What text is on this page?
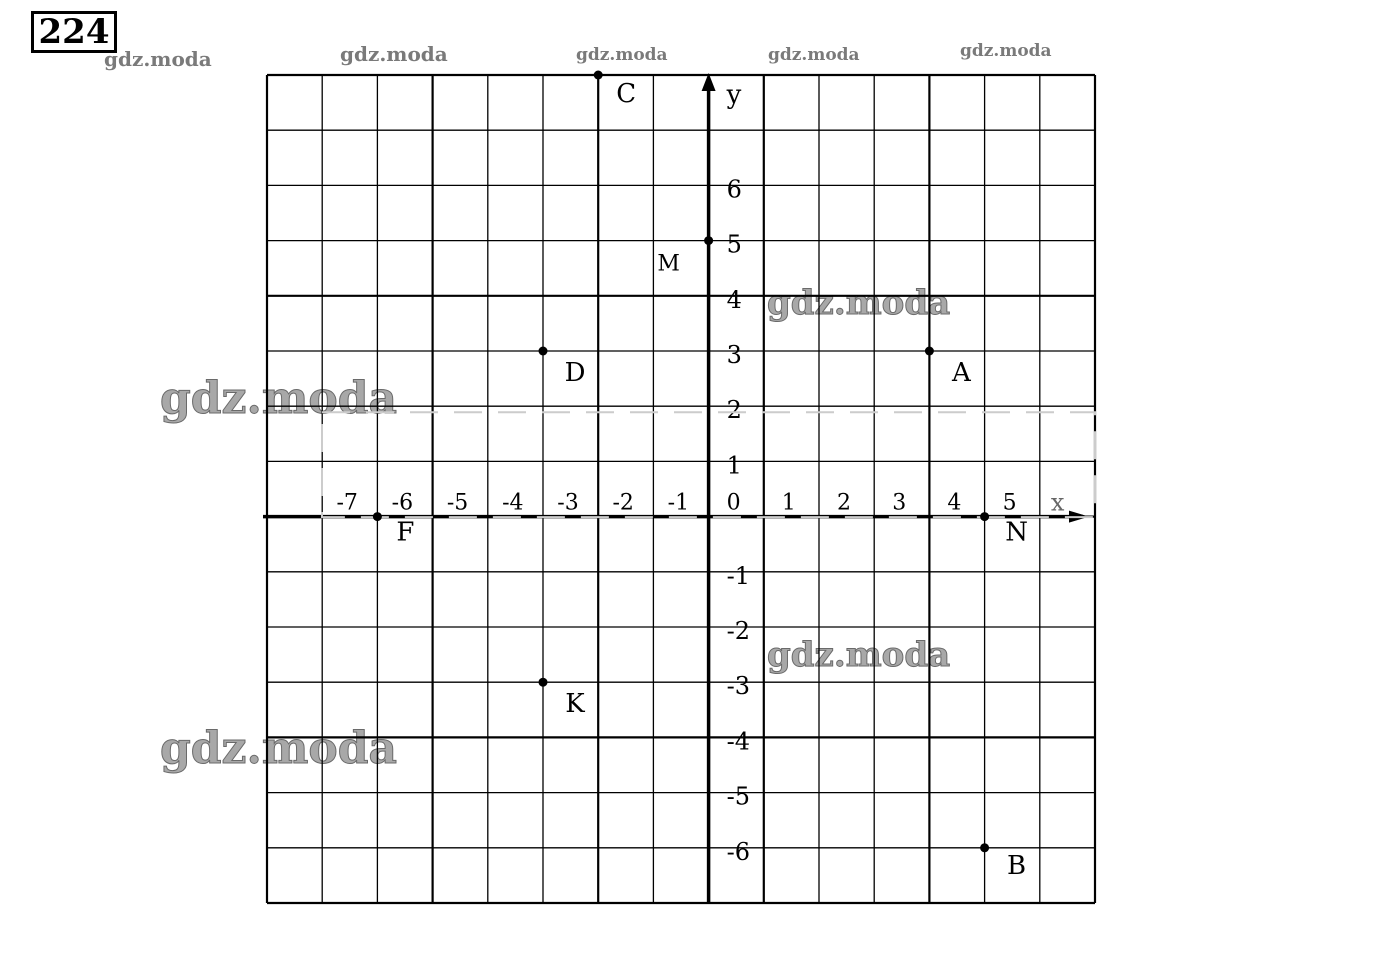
224
gdz.moda	gdz.moda	gdz.moda	gdz.moda	gdz.moda
gdz.moda
gdz.moda
gdz.moda
gdz.moda
x
y
-7 -6 -5 -4 -3 -2 -1 0 1 2 3 4 5
6
5
4
3
2
1
-1
-2
-3
-4
-5
-6
C
M
D	A
F	N
K
B
